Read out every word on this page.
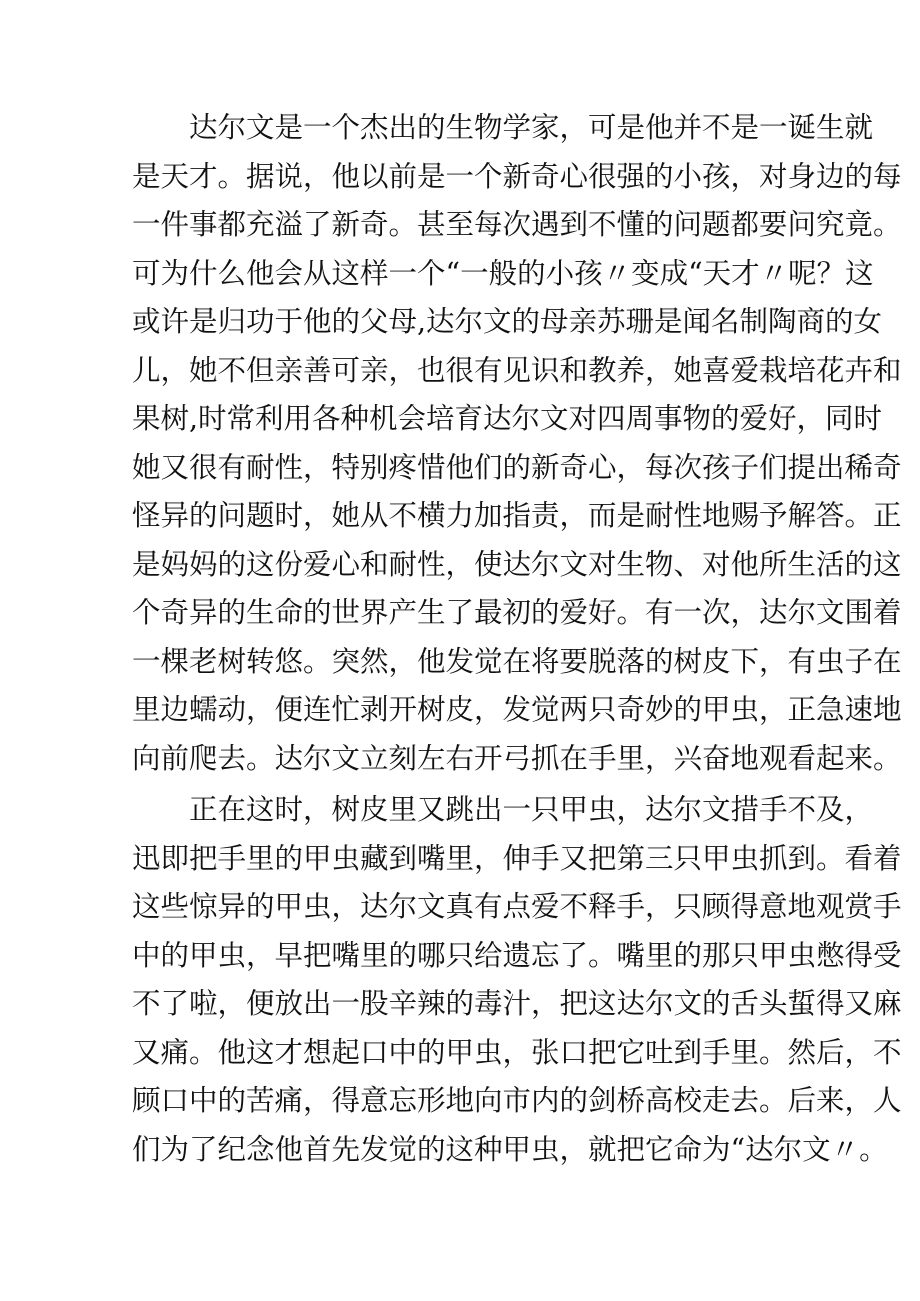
达尔文是一个杰出的生物学家，可是他并不是一诞生就
是天才。据说，他以前是一个新奇心很强的小孩，对身边的每
一件事都充溢了新奇。甚至每次遇到不懂的问题都要问究竟。
可为什么他会从这样一个“一般的小孩〃变成“天才〃呢？这
或许是归功于他的父母,达尔文的母亲苏珊是闻名制陶商的女
儿，她不但亲善可亲，也很有见识和教养，她喜爱栽培花卉和
果树,时常利用各种机会培育达尔文对四周事物的爱好，同时
她又很有耐性，特别疼惜他们的新奇心，每次孩子们提出稀奇
怪异的问题时，她从不横力加指责，而是耐性地赐予解答。正
是妈妈的这份爱心和耐性，使达尔文对生物、对他所生活的这
个奇异的生命的世界产生了最初的爱好。有一次，达尔文围着
一棵老树转悠。突然，他发觉在将要脱落的树皮下，有虫子在
里边蠕动，便连忙剥开树皮，发觉两只奇妙的甲虫，正急速地
向前爬去。达尔文立刻左右开弓抓在手里，兴奋地观看起来。
正在这时，树皮里又跳出一只甲虫，达尔文措手不及，
迅即把手里的甲虫藏到嘴里，伸手又把第三只甲虫抓到。看着
这些惊异的甲虫，达尔文真有点爱不释手，只顾得意地观赏手
中的甲虫，早把嘴里的哪只给遗忘了。嘴里的那只甲虫憋得受
不了啦，便放出一股辛辣的毒汁，把这达尔文的舌头蜇得又麻
又痛。他这才想起口中的甲虫，张口把它吐到手里。然后，不
顾口中的苦痛，得意忘形地向市内的剑桥高校走去。后来，人
们为了纪念他首先发觉的这种甲虫，就把它命为“达尔文〃。
